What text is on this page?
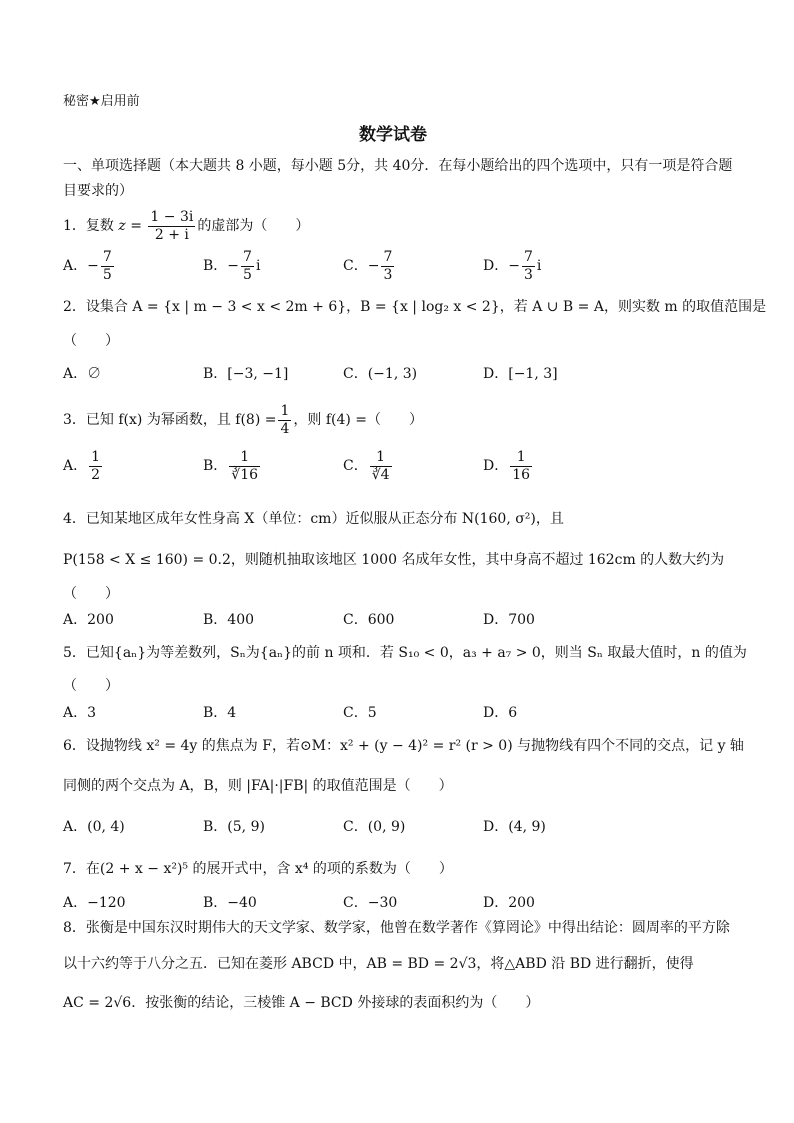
秘密★启用前
数学试卷
一、单项选择题（本大题共 8 小题，每小题 5分，共 40分．在每小题给出的四个选项中，只有一项是符合题
目要求的）
1．复数 $z = \frac{1 - 3i}{2 + i}$ 的虚部为（　　）
A．− $\frac{7}{5}$	B．− $\frac{7}{5}$ i	C．− $\frac{7}{3}$	D．− $\frac{7}{3}$ i
2．设集合 A = {x | m − 3 < x < 2m + 6}，B = {x | log₂ x < 2}，若 A ∪ B = A，则实数 m 的取值范围是
（　　）
A．∅	B．[−3, −1]	C．(−1, 3)	D．[−1, 3]
3．已知 f(x) 为幂函数，且 $f(8) = \frac{1}{4}$ ，则 f(4) =（　　）
A． $\frac{1}{2}$	B． $\frac{1}{∛16}$	C． $\frac{1}{∛4}$	D． $\frac{1}{16}$
4．已知某地区成年女性身高 X（单位：cm）近似服从正态分布 N(160, σ²)，且
P(158 < X ≤ 160) = 0.2，则随机抽取该地区 1000 名成年女性，其中身高不超过 162cm 的人数大约为
（　　）
A．200	B．400	C．600	D．700
5．已知{aₙ}为等差数列，Sₙ为{aₙ}的前 n 项和．若 S₁₀ < 0，a₃ + a₇ > 0，则当 Sₙ 取最大值时，n 的值为
（　　）
A．3	B．4	C．5	D．6
6．设抛物线 x² = 4y 的焦点为 F，若⊙M：x² + (y − 4)² = r² (r > 0) 与抛物线有四个不同的交点，记 y 轴
同侧的两个交点为 A，B，则 |FA|·|FB| 的取值范围是（　　）
A．(0, 4)	B．(5, 9)	C．(0, 9)	D．(4, 9)
7．在(2 + x − x²)⁵ 的展开式中，含 x⁴ 的项的系数为（　　）
A．−120	B．−40	C．−30	D．200
8．张衡是中国东汉时期伟大的天文学家、数学家，他曾在数学著作《算罔论》中得出结论：圆周率的平方除
以十六约等于八分之五．已知在菱形 ABCD 中，AB = BD = 2√3，将△ABD 沿 BD 进行翻折，使得
AC = 2√6．按张衡的结论，三棱锥 A − BCD 外接球的表面积约为（　　）
